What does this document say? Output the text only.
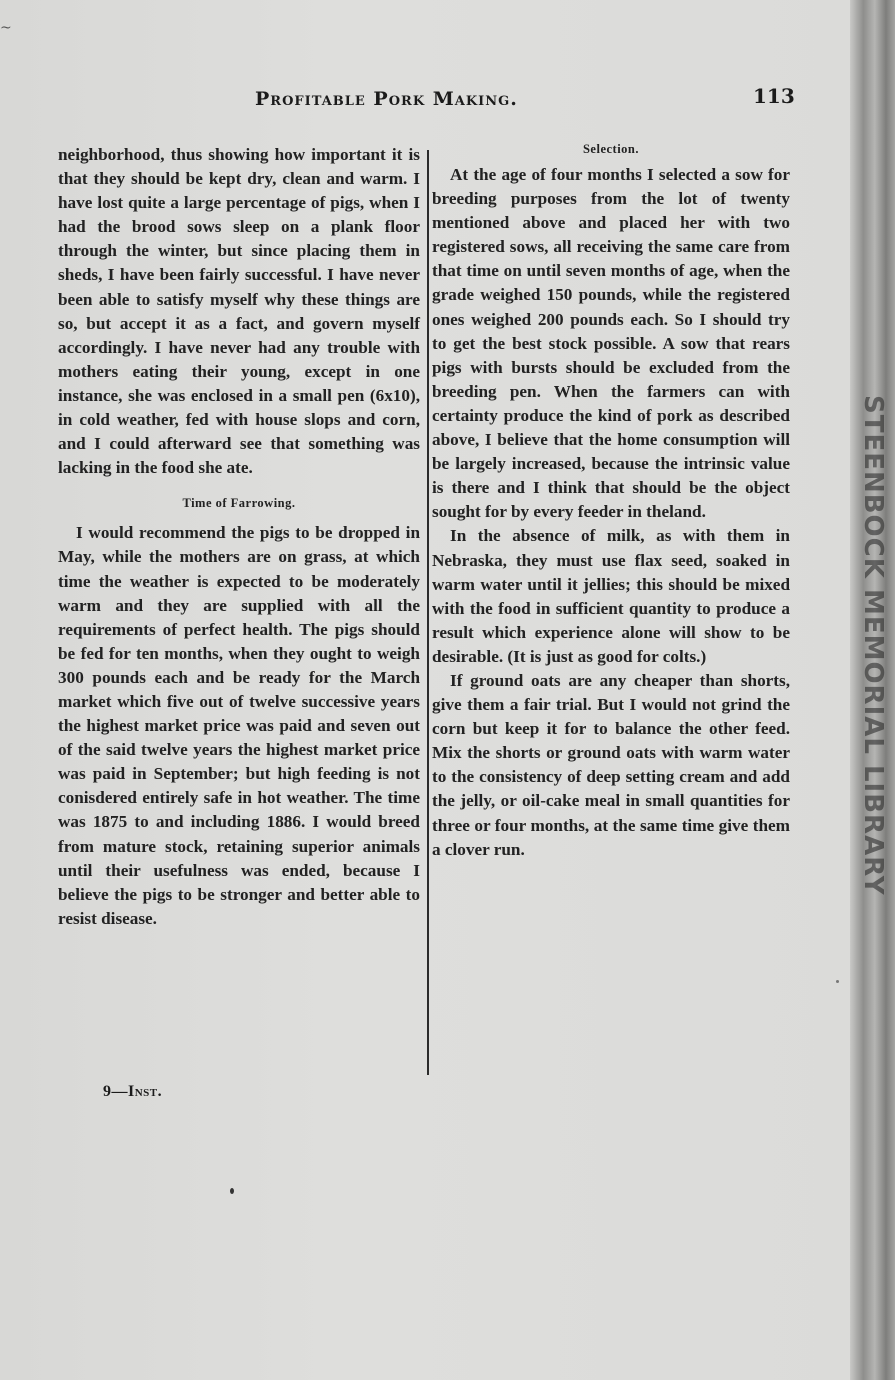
STEENBOCK MEMORIAL LIBRARY
~
Profitable Pork Making.	113

neighborhood, thus showing how important it is that they should be kept dry, clean and warm. I have lost quite a large percentage of pigs, when I had the brood sows sleep on a plank floor through the winter, but since placing them in sheds, I have been fairly successful. I have never been able to satisfy myself why these things are so, but accept it as a fact, and govern myself accordingly. I have never had any trouble with mothers eating their young, except in one instance, she was enclosed in a small pen (6x10), in cold weather, fed with house slops and corn, and I could afterward see that something was lacking in the food she ate.

Time of Farrowing.

I would recommend the pigs to be dropped in May, while the mothers are on grass, at which time the weather is expected to be moderately warm and they are supplied with all the requirements of perfect health. The pigs should be fed for ten months, when they ought to weigh 300 pounds each and be ready for the March market which five out of twelve successive years the highest market price was paid and seven out of the said twelve years the highest market price was paid in September; but high feeding is not conisdered entirely safe in hot weather. The time was 1875 to and including 1886. I would breed from mature stock, retaining superior animals until their usefulness was ended, because I believe the pigs to be stronger and better able to resist disease.

Selection.

At the age of four months I selected a sow for breeding purposes from the lot of twenty mentioned above and placed her with two registered sows, all receiving the same care from that time on until seven months of age, when the grade weighed 150 pounds, while the registered ones weighed 200 pounds each. So I should try to get the best stock possible. A sow that rears pigs with bursts should be excluded from the breeding pen. When the farmers can with certainty produce the kind of pork as described above, I believe that the home consumption will be largely increased, because the intrinsic value is there and I think that should be the object sought for by every feeder in theland.

In the absence of milk, as with them in Nebraska, they must use flax seed, soaked in warm water until it jellies; this should be mixed with the food in sufficient quantity to produce a result which experience alone will show to be desirable. (It is just as good for colts.)

If ground oats are any cheaper than shorts, give them a fair trial. But I would not grind the corn but keep it for to balance the other feed. Mix the shorts or ground oats with warm water to the consistency of deep setting cream and add the jelly, or oil-cake meal in small quantities for three or four months, at the same time give them a clover run.

9—Inst.
